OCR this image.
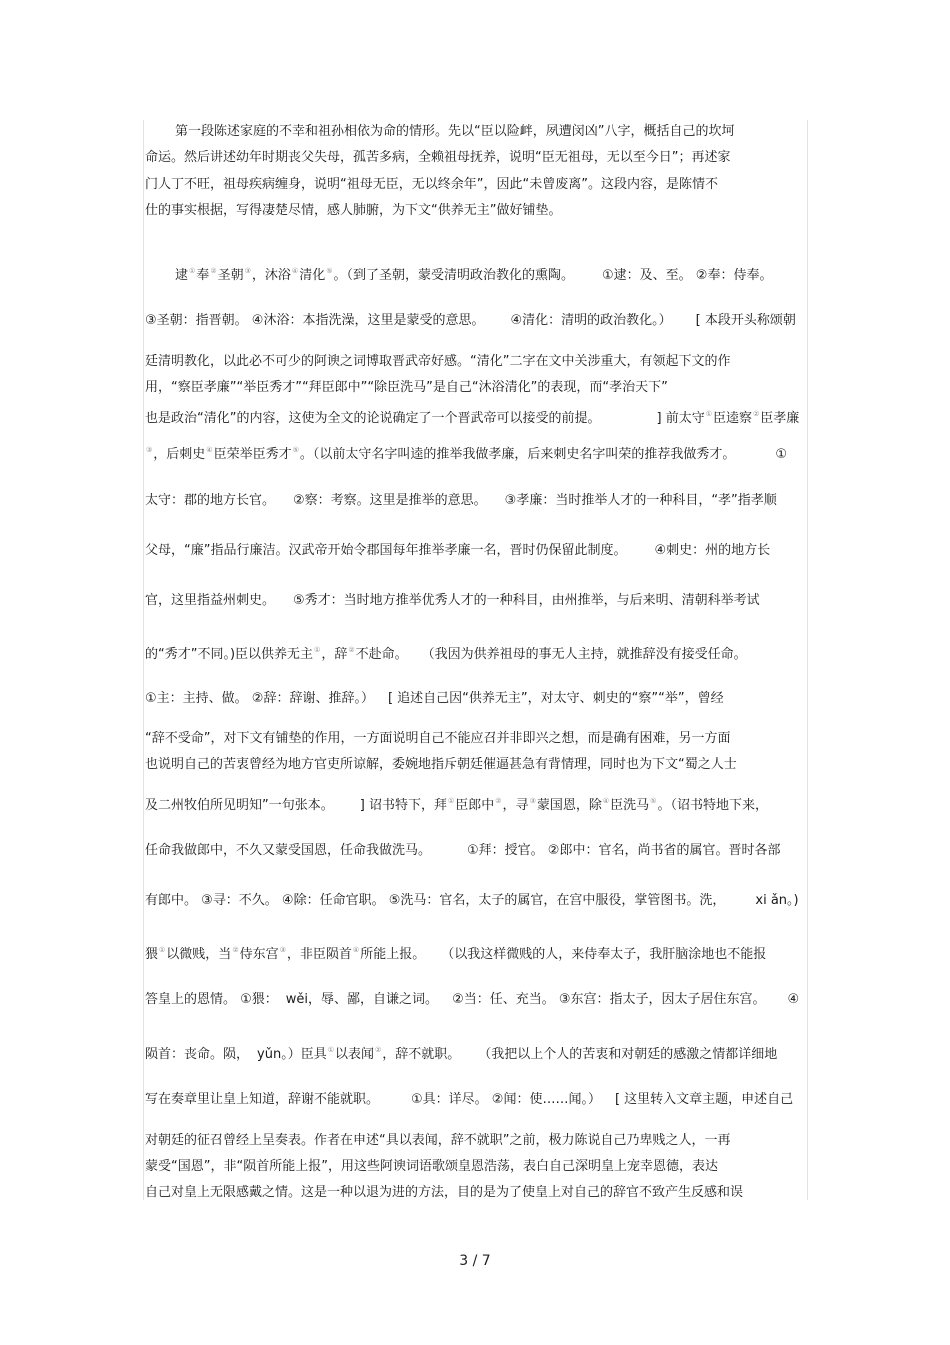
第一段陈述家庭的不幸和祖孙相依为命的情形。先以“臣以险衅，夙遭闵凶”八字，概括自己的坎坷
命运。然后讲述幼年时期丧父失母，孤苦多病，全赖祖母抚养，说明“臣无祖母，无以至今日”；再述家
门人丁不旺，祖母疾病缠身，说明“祖母无臣，无以终余年”，因此“未曾废离”。这段内容，是陈情不
仕的事实根据，写得凄楚尽情，感人肺腑，为下文“供养无主”做好铺垫。
逮①奉②圣朝③，沐浴④清化⑤。（到了圣朝，蒙受清明政治教化的熏陶。 ①逮：及、至。 ②奉：侍奉。
③圣朝：指晋朝。 ④沐浴：本指洗澡，这里是蒙受的意思。 ④清化：清明的政治教化。） [ 本段开头称颂朝
廷清明教化，以此必不可少的阿谀之词博取晋武帝好感。“清化”二字在文中关涉重大，有领起下文的作
用，“察臣孝廉”“举臣秀才”“拜臣郎中”“除臣洗马”是自己“沐浴清化”的表现，而“孝治天下”
也是政治“清化”的内容，这使为全文的论说确定了一个晋武帝可以接受的前提。	] 前太守①臣逵察②臣孝廉
③，后刺史④臣荣举臣秀才⑤。（以前太守名字叫逵的推举我做孝廉，后来刺史名字叫荣的推荐我做秀才。	①
太守：郡的地方长官。 ②察：考察。这里是推举的意思。 ③孝廉：当时推举人才的一种科目，“孝”指孝顺
父母，“廉”指品行廉洁。汉武帝开始令郡国每年推举孝廉一名，晋时仍保留此制度。 ④刺史：州的地方长
官，这里指益州刺史。 ⑤秀才：当时地方推举优秀人才的一种科目，由州推举，与后来明、清朝科举考试
的“秀才”不同。)臣以供养无主①，辞②不赴命。 （我因为供养祖母的事无人主持，就推辞没有接受任命。
①主：主持、做。 ②辞：辞谢、推辞。） [ 追述自己因“供养无主”，对太守、刺史的“察”“举”，曾经
“辞不受命”，对下文有铺垫的作用，一方面说明自己不能应召并非即兴之想，而是确有困难，另一方面
也说明自己的苦衷曾经为地方官吏所谅解，委婉地指斥朝廷催逼甚急有背情理，同时也为下文“蜀之人士
及二州牧伯所见明知”一句张本。 ] 诏书特下，拜①臣郎中②，寻③蒙国恩，除④臣洗马⑤。（诏书特地下来，
任命我做郎中，不久又蒙受国恩，任命我做洗马。	①拜：授官。 ②郎中：官名，尚书省的属官。晋时各部
有郎中。 ③寻：不久。 ④除：任命官职。 ⑤洗马：官名，太子的属官，在宫中服役，掌管图书。洗， xi ǎn。)
猥①以微贱，当②侍东宫③，非臣陨首④所能上报。 （以我这样微贱的人，来侍奉太子，我肝脑涂地也不能报
答皇上的恩情。 ①猥： wěi，辱、鄙，自谦之词。 ②当：任、充当。 ③东宫：指太子，因太子居住东宫。 ④
陨首：丧命。陨， yǔn。）臣具①以表闻②，辞不就职。 （我把以上个人的苦衷和对朝廷的感激之情都详细地
写在奏章里让皇上知道，辞谢不能就职。 ①具：详尽。 ②闻：使……闻。） [ 这里转入文章主题，申述自己
对朝廷的征召曾经上呈奏表。作者在申述“具以表闻，辞不就职”之前，极力陈说自己乃卑贱之人，一再
蒙受“国恩”，非“陨首所能上报”，用这些阿谀词语歌颂皇恩浩荡，表白自己深明皇上宠幸恩德，表达
自己对皇上无限感戴之情。这是一种以退为进的方法，目的是为了使皇上对自己的辞官不致产生反感和误
3 / 7
